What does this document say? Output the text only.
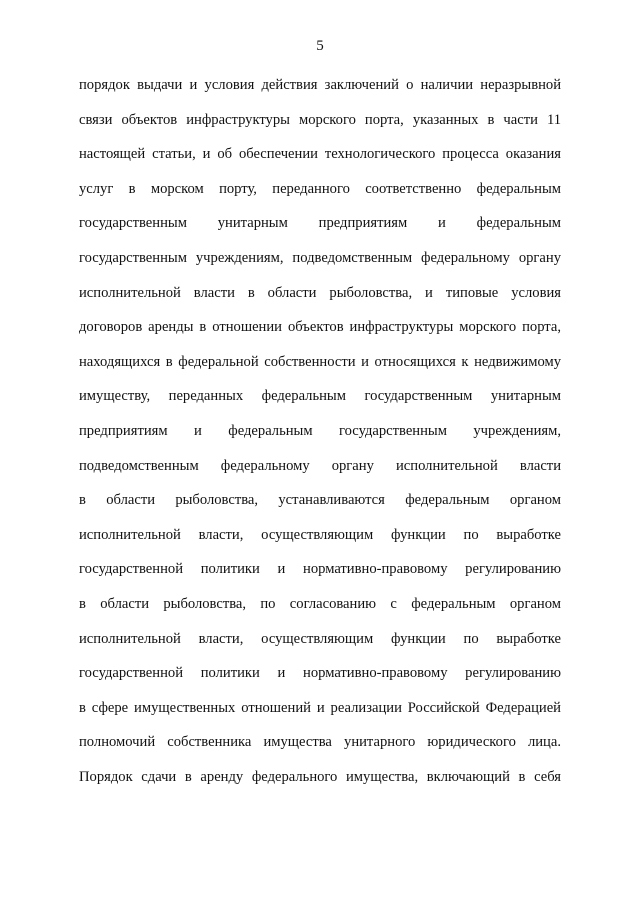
5
порядок выдачи и условия действия заключений о наличии неразрывной
связи объектов инфраструктуры морского порта, указанных в части 11
настоящей статьи, и об обеспечении технологического процесса оказания
услуг в морском порту, переданного соответственно федеральным
государственным унитарным предприятиям и федеральным
государственным учреждениям, подведомственным федеральному органу
исполнительной власти в области рыболовства, и типовые условия
договоров аренды в отношении объектов инфраструктуры морского порта,
находящихся в федеральной собственности и относящихся к недвижимому
имуществу, переданных федеральным государственным унитарным
предприятиям и федеральным государственным учреждениям,
подведомственным федеральному органу исполнительной власти
в области рыболовства, устанавливаются федеральным органом
исполнительной власти, осуществляющим функции по выработке
государственной политики и нормативно-правовому регулированию
в области рыболовства, по согласованию с федеральным органом
исполнительной власти, осуществляющим функции по выработке
государственной политики и нормативно-правовому регулированию
в сфере имущественных отношений и реализации Российской Федерацией
полномочий собственника имущества унитарного юридического лица.
Порядок сдачи в аренду федерального имущества, включающий в себя
